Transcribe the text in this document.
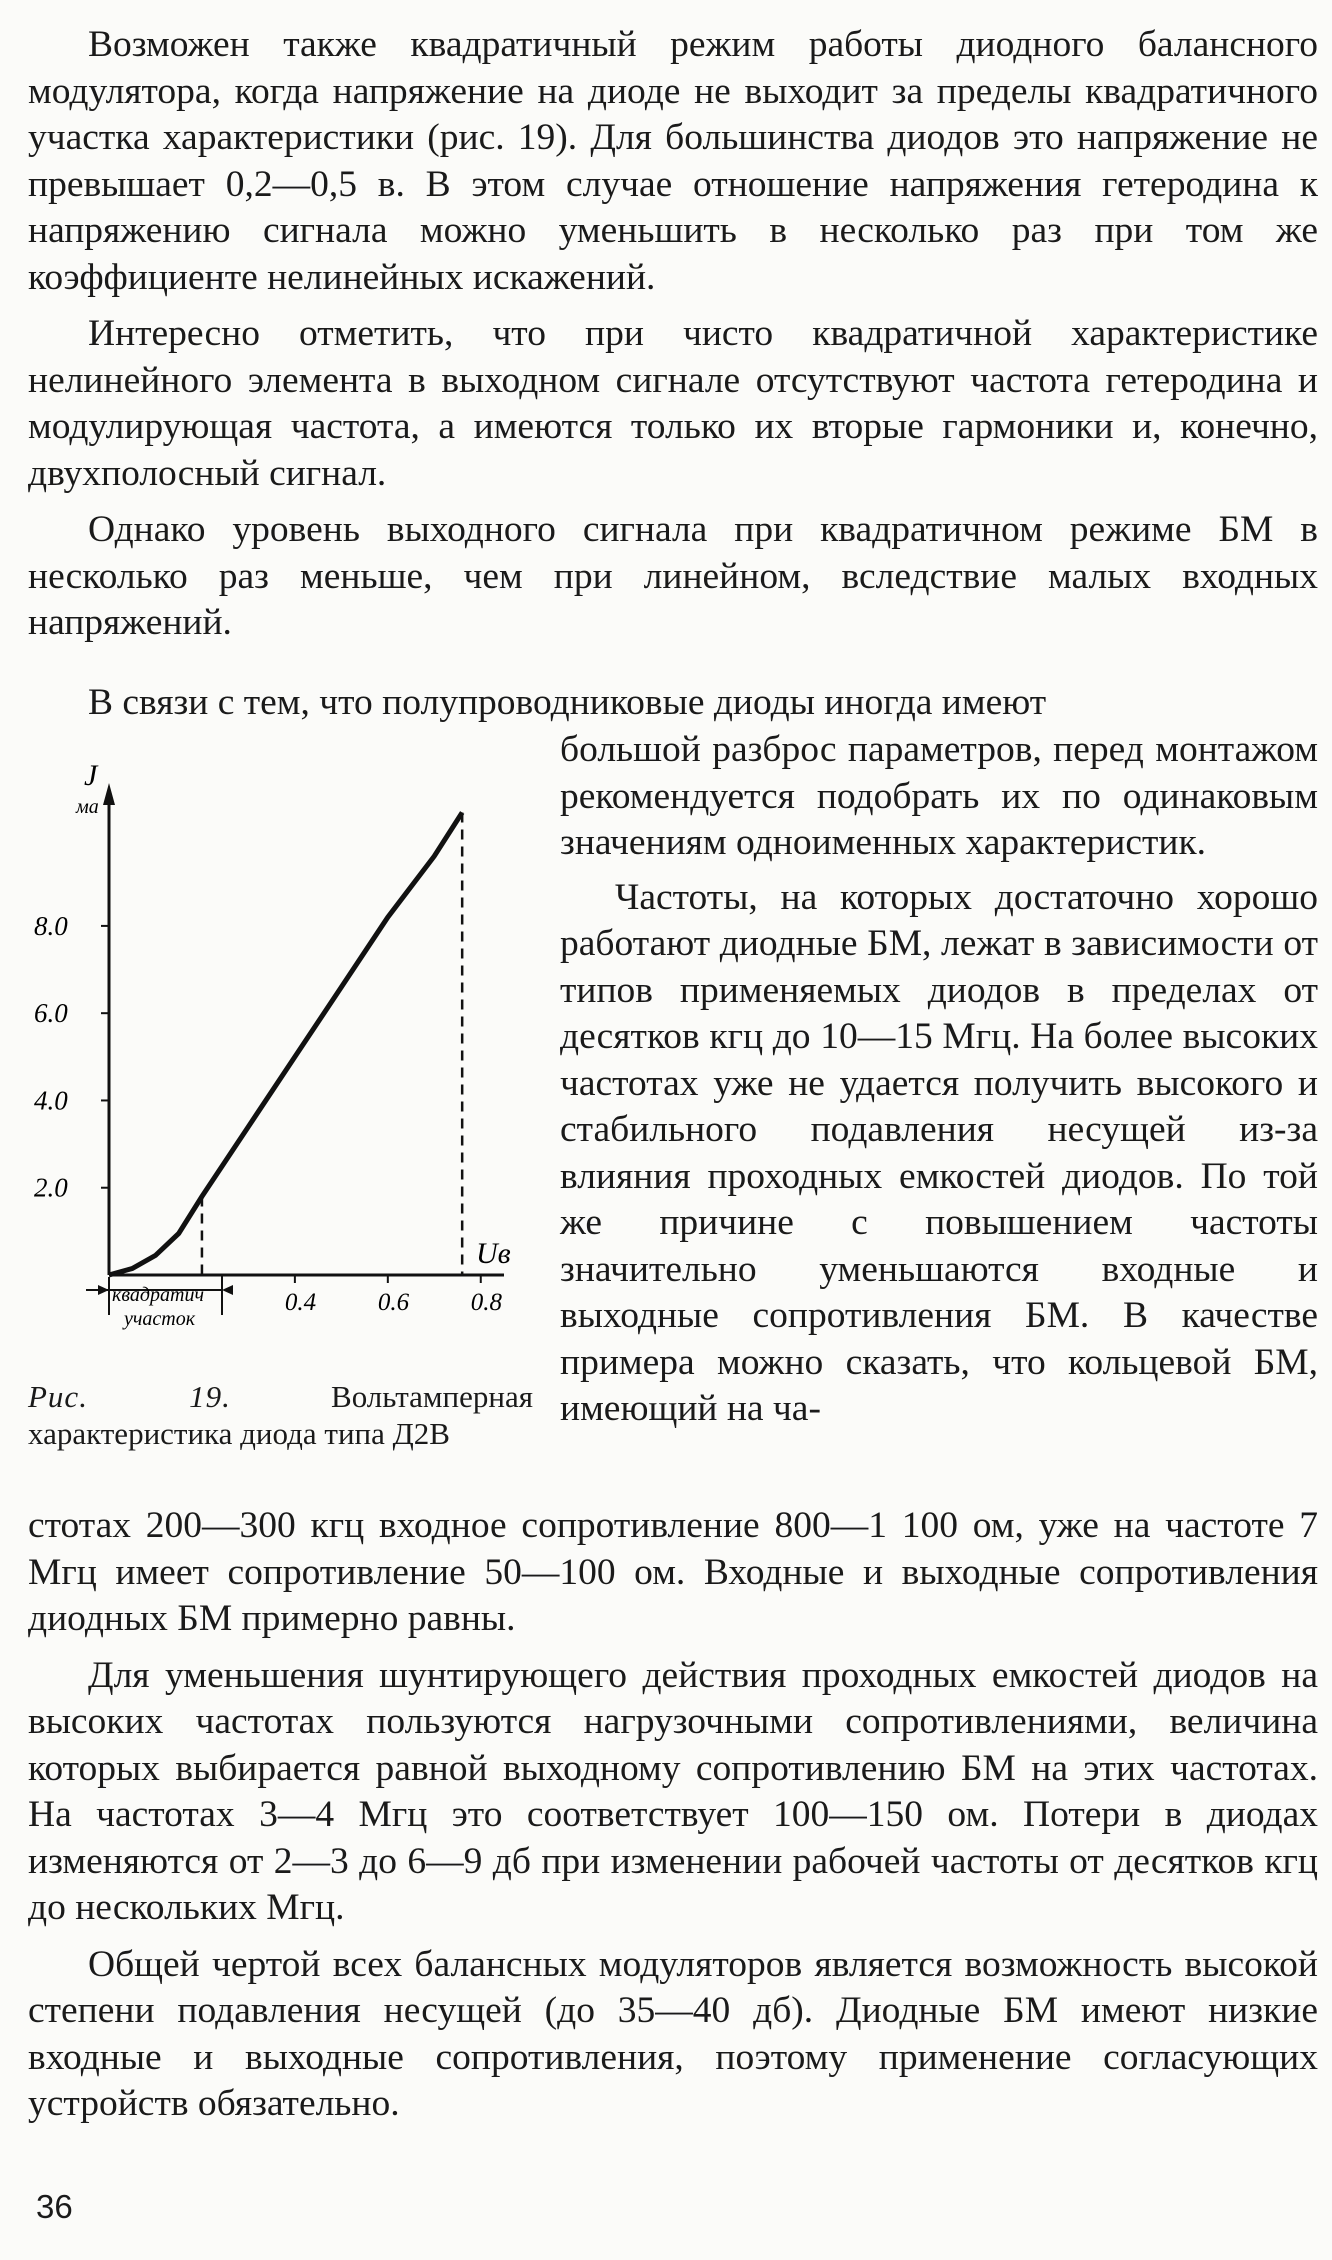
Возможен также квадратичный режим работы диодного балансного модулятора, когда напряжение на диоде не выходит за пределы квадратичного участка характеристики (рис. 19). Для большинства диодов это напряжение не превышает 0,2—0,5 в. В этом случае отношение напряжения гетеродина к напряжению сигнала можно уменьшить в несколько раз при том же коэффициенте нелинейных искажений.

Интересно отметить, что при чисто квадратичной характеристике нелинейного элемента в выходном сигнале отсутствуют частота гетеродина и модулирующая частота, а имеются только их вторые гармоники и, конечно, двухполосный сигнал.

Однако уровень выходного сигнала при квадратичном режиме БМ в несколько раз меньше, чем при линейном, вследствие малых входных напряжений.

В связи с тем, что полупроводниковые диоды иногда имеют
J
ма
Uв
2.0
4.0
6.0
8.0
0.4 0.6 0.8
квадратич
участок
Рис. 19.	Вольтамперная характеристика диода типа Д2В

большой разброс параметров, перед монтажом рекомендуется подобрать их по одинаковым значениям одноименных характеристик.

Частоты, на которых достаточно хорошо работают диодные БМ, лежат в зависимости от типов применяемых диодов в пределах от десятков кгц до 10—15 Мгц. На более высоких частотах уже не удается получить высокого и стабильного подавления несущей из-за влияния проходных емкостей диодов. По той же причине с повышением частоты значительно уменьшаются входные и выходные сопротивления БМ. В качестве примера можно сказать, что кольцевой БМ, имеющий на ча-

стотах 200—300 кгц входное сопротивление 800—1 100 ом, уже на частоте 7 Мгц имеет сопротивление 50—100 ом. Входные и выходные сопротивления диодных БМ примерно равны.

Для уменьшения шунтирующего действия проходных емкостей диодов на высоких частотах пользуются нагрузочными сопротивлениями, величина которых выбирается равной выходному сопротивлению БМ на этих частотах. На частотах 3—4 Мгц это соответствует 100—150 ом. Потери в диодах изменяются от 2—3 до 6—9 дб при изменении рабочей частоты от десятков кгц до нескольких Мгц.

Общей чертой всех балансных модуляторов является возможность высокой степени подавления несущей (до 35—40 дб). Диодные БМ имеют низкие входные и выходные сопротивления, поэтому применение согласующих устройств обязательно.

36
